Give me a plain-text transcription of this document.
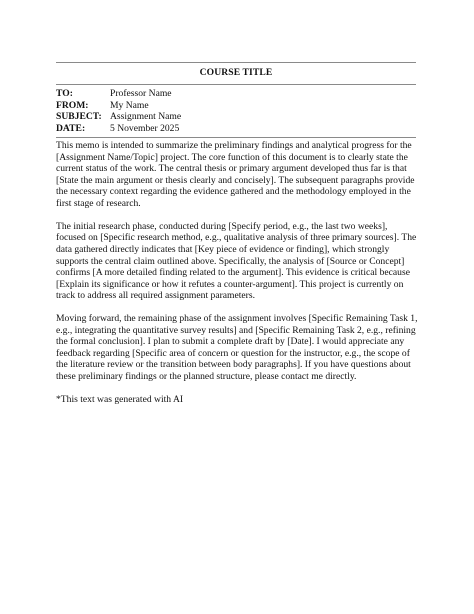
COURSE TITLE
TO:	Professor Name
FROM:	My Name
SUBJECT: Assignment Name
DATE:	5 November 2025

This memo is intended to summarize the preliminary findings and analytical progress for the [Assignment Name/Topic] project. The core function of this document is to clearly state the current status of the work. The central thesis or primary argument developed thus far is that [State the main argument or thesis clearly and concisely]. The subsequent paragraphs provide the necessary context regarding the evidence gathered and the methodology employed in the first stage of research.

The initial research phase, conducted during [Specify period, e.g., the last two weeks], focused on [Specific research method, e.g., qualitative analysis of three primary sources]. The data gathered directly indicates that [Key piece of evidence or finding], which strongly supports the central claim outlined above. Specifically, the analysis of [Source or Concept] confirms [A more detailed finding related to the argument]. This evidence is critical because [Explain its significance or how it refutes a counter-argument]. This project is currently on track to address all required assignment parameters.

Moving forward, the remaining phase of the assignment involves [Specific Remaining Task 1, e.g., integrating the quantitative survey results] and [Specific Remaining Task 2, e.g., refining the formal conclusion]. I plan to submit a complete draft by [Date]. I would appreciate any feedback regarding [Specific area of concern or question for the instructor, e.g., the scope of the literature review or the transition between body paragraphs]. If you have questions about these preliminary findings or the planned structure, please contact me directly.

*This text was generated with AI
